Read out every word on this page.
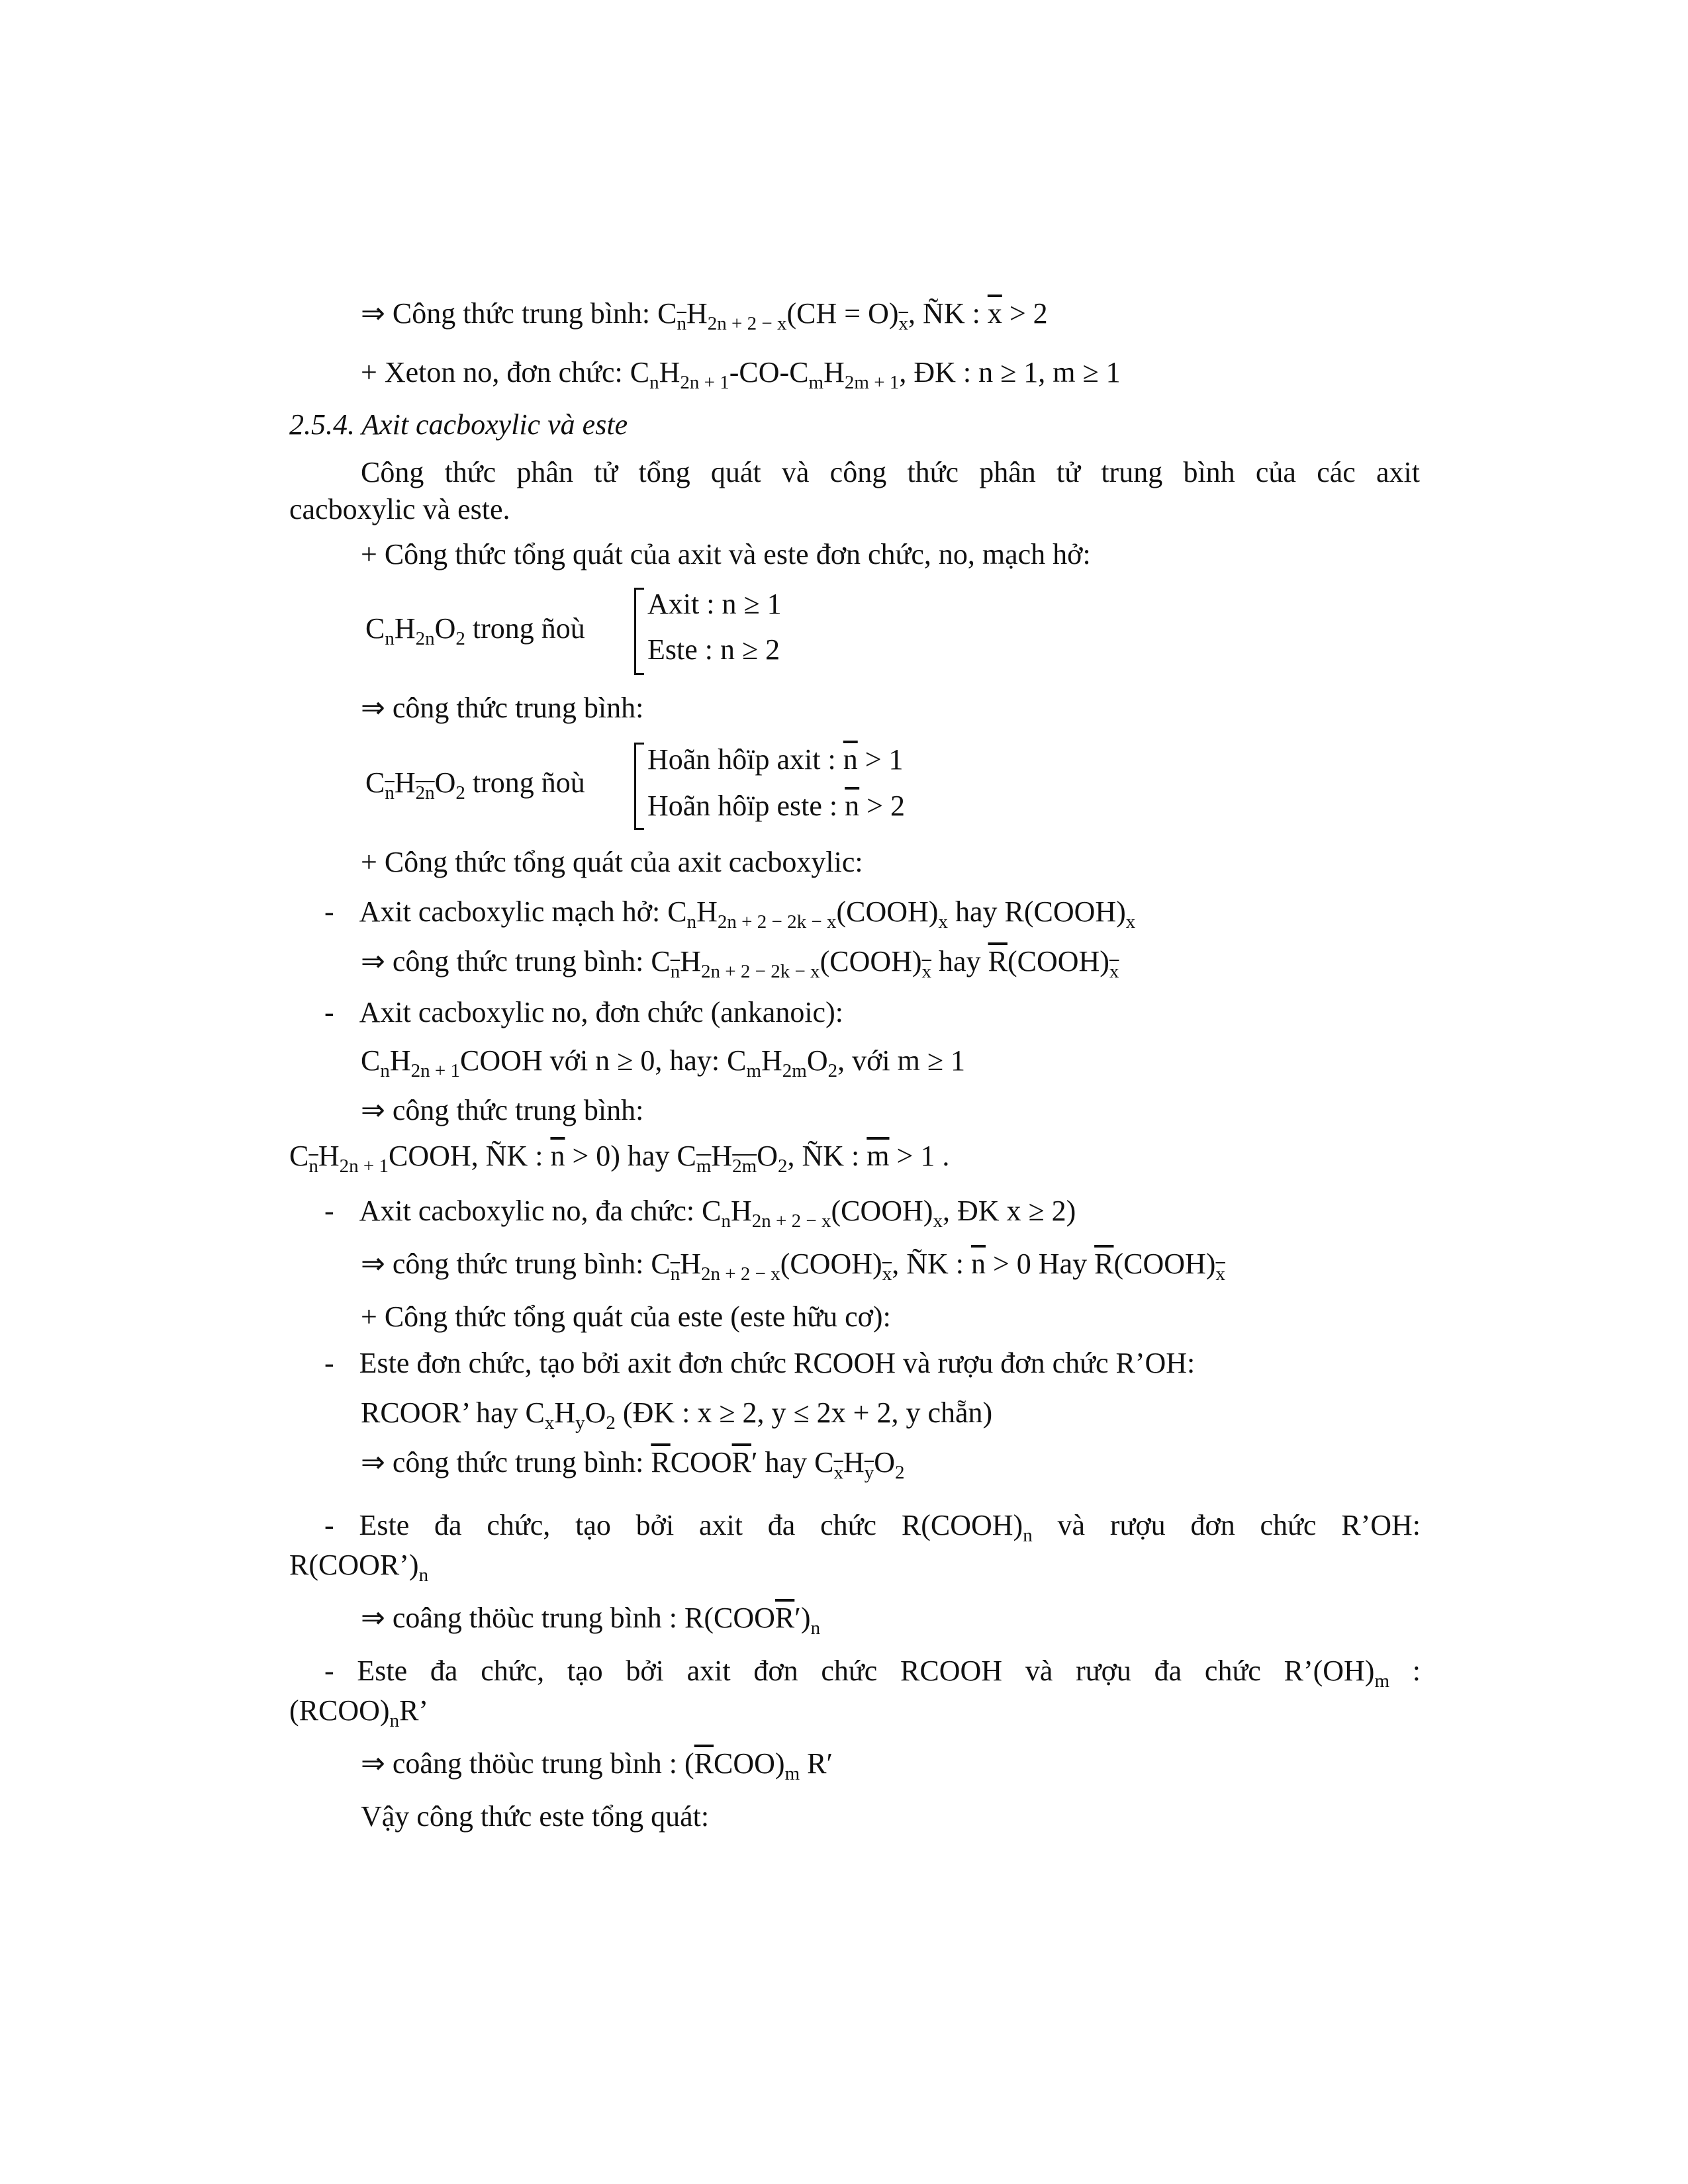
⇒ Công thức trung bình: $C_{\overline{n}}H_{2n + 2 - x}(CH = O)_{\overline{x}}$, ÑK : $\overline{x} > 2$
+ Xeton no, đơn chức: $C_nH_{2n + 1}-CO-C_mH_{2m + 1}$, ĐK : n ≥ 1, m ≥ 1
2.5.4. Axit cacboxylic và este
Công thức phân tử tổng quát và công thức phân tử trung bình của các axit
cacboxylic và este.
+ Công thức tổng quát của axit và este đơn chức, no, mạch hở:
$C_nH_{2n}O_2$ trong ñoù
Axit : n ≥ 1
Este : n ≥ 2
⇒ công thức trung bình:
$C_{\overline{n}}H_{2n}O_2$ trong ñoù
Hoãn hôïp axit : $\overline{n} > 1$
Hoãn hôïp este : $\overline{n} > 2$
+ Công thức tổng quát của axit cacboxylic:
- Axit cacboxylic mạch hở: $C_nH_{2n + 2 - 2k - x}(COOH)_x$ hay $R(COOH)_x$
⇒ công thức trung bình: $C_{\overline{n}}H_{2n + 2 - 2k - x}(COOH)_{\overline{x}}$ hay $\overline{R}(COOH)_{\overline{x}}$
- Axit cacboxylic no, đơn chức (ankanoic):
$C_nH_{2n + 1}COOH$ với n ≥ 0, hay: $C_mH_{2m}O_2$, với m ≥ 1
⇒ công thức trung bình:
$C_{\overline{n}}H_{2n + 1}COOH$, ÑK : $\overline{n} > 0$) hay $C_{\overline{m}}H_{2m}O_2$, ÑK : $\overline{m} > 1$ .
- Axit cacboxylic no, đa chức: $C_nH_{2n + 2 - x}(COOH)_x$, ĐK x ≥ 2)
⇒ công thức trung bình: $C_{\overline{n}}H_{2n + 2 - x}(COOH)_{\overline{x}}$, ÑK : $\overline{n} > 0$ Hay $\overline{R}(COOH)_{\overline{x}}$
+ Công thức tổng quát của este (este hữu cơ):
- Este đơn chức, tạo bởi axit đơn chức RCOOH và rượu đơn chức R’OH:
RCOOR’ hay $C_xH_yO_2$ (ĐK : x ≥ 2, y ≤ 2x + 2, y chẵn)
⇒ công thức trung bình: $\overline{R}COO\overline{R}'$ hay $C_{\overline{x}}H_{\overline{y}}O_2$
- Este đa chức, tạo bởi axit đa chức $R(COOH)_n$ và rượu đơn chức R’OH:
$R(COOR’)_n$
⇒ coâng thöùc trung bình : $R(COO\overline{R}')_n$
- Este đa chức, tạo bởi axit đơn chức RCOOH và rượu đa chức $R’(OH)_m$ :
$(RCOO)_nR$’
⇒ coâng thöùc trung bình : $(\overline{R}COO)_m$ R′
Vậy công thức este tổng quát:
